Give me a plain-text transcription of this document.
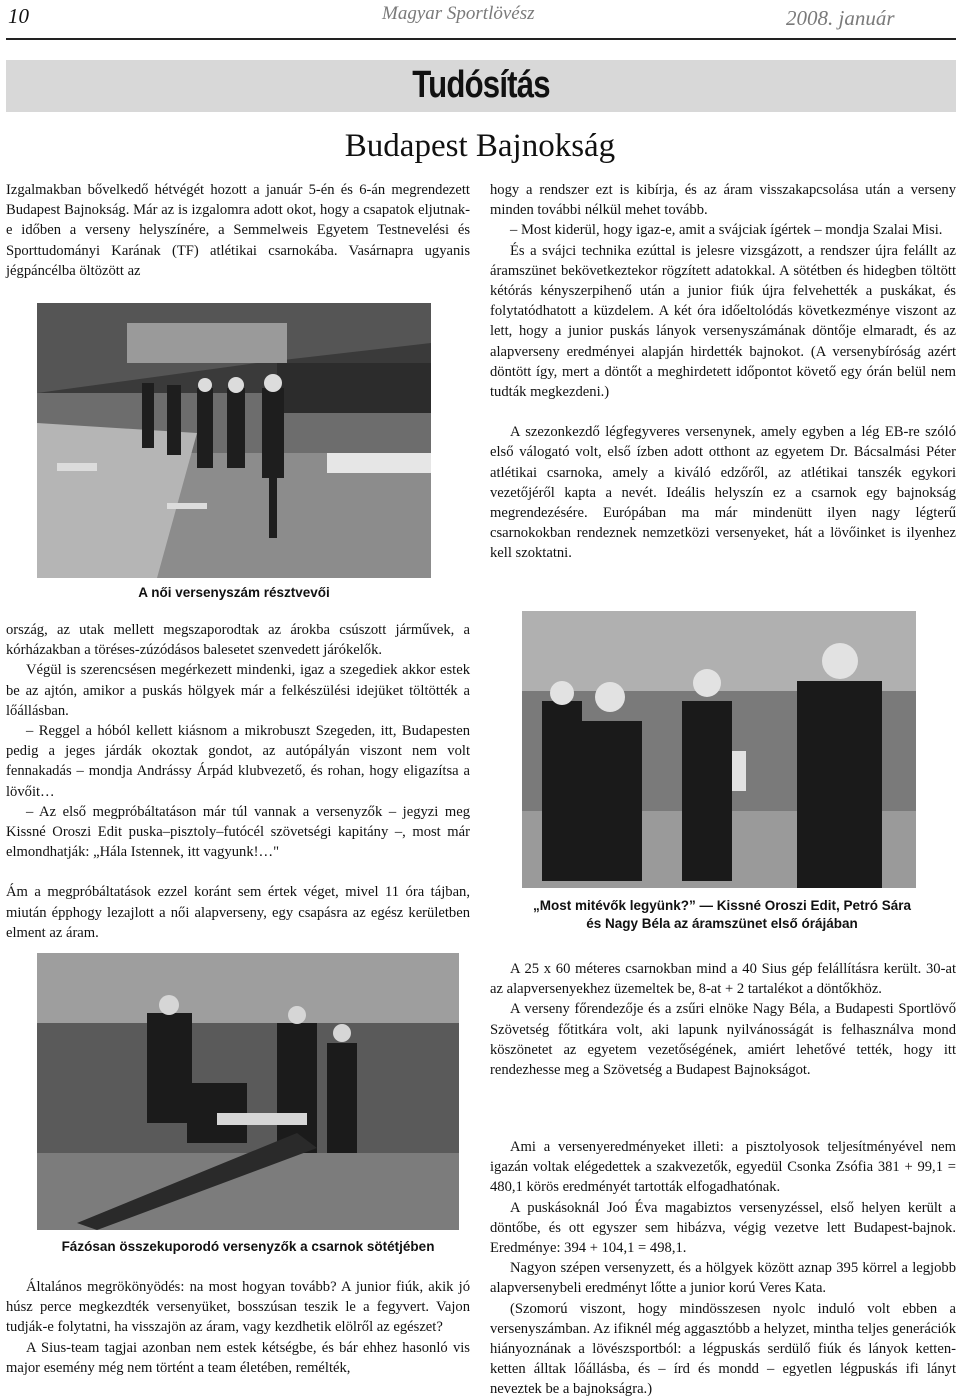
10	Magyar Sportlövész	2008. január
Tudósítás
Budapest Bajnokság

Izgalmakban bővelkedő hétvégét hozott a január 5-én és 6-án megrendezett Budapest Bajnokság. Már az is izgalomra adott okot, hogy a csapatok eljutnak-e időben a verseny helyszínére, a Semmelweis Egyetem Testnevelési és Sporttudományi Karának (TF) atlétikai csarnokába. Vasárnapra ugyanis jégpáncélba öltözött az

A női versenyszám résztvevői

ország, az utak mellett megszaporodtak az árokba csúszott járművek, a kórházakban a töréses-zúzódásos balesetet szenvedett járókelők.

Végül is szerencsésen megérkezett mindenki, igaz a szegediek akkor estek be az ajtón, amikor a puskás hölgyek már a felkészülési idejüket töltötték a lőállásban.

– Reggel a hóból kellett kiásnom a mikrobuszt Szegeden, itt, Budapesten pedig a jeges járdák okoztak gondot, az autópályán viszont nem volt fennakadás – mondja Andrássy Árpád klubvezető, és rohan, hogy eligazítsa a lövőit…

– Az első megpróbáltatáson már túl vannak a versenyzők – jegyzi meg Kissné Oroszi Edit puska–pisztoly–futócél szövetségi kapitány –, most már elmondhatják: „Hála Istennek, itt vagyunk!…"

Ám a megpróbáltatások ezzel koránt sem értek véget, mivel 11 óra tájban, miután épphogy lezajlott a női alapverseny, egy csapásra az egész kerületben elment az áram.

Fázósan összekuporodó versenyzők a csarnok sötétjében

Általános megrökönyödés: na most hogyan tovább? A junior fiúk, akik jó húsz perce megkezdték versenyüket, bosszúsan teszik le a fegyvert. Vajon tudják-e folytatni, ha visszajön az áram, vagy kezdhetik elölről az egészet?

A Sius-team tagjai azonban nem estek kétségbe, és bár ehhez hasonló vis major esemény még nem történt a team életében, remélték,

hogy a rendszer ezt is kibírja, és az áram visszakapcsolása után a verseny minden további nélkül mehet tovább.

– Most kiderül, hogy igaz-e, amit a svájciak ígértek – mondja Szalai Misi.

És a svájci technika ezúttal is jelesre vizsgázott, a rendszer újra felállt az áramszünet bekövetkeztekor rögzített adatokkal. A sötétben és hidegben töltött kétórás kényszerpihenő után a junior fiúk újra felvehették a puskákat, és folytatódhatott a küzdelem. A két óra időeltolódás következménye viszont az lett, hogy a junior puskás lányok versenyszámának döntője elmaradt, és az alapverseny eredményei alapján hirdették bajnokot. (A versenybíróság azért döntött így, mert a döntőt a meghirdetett időpontot követő egy órán belül nem tudták megkezdeni.)

A szezonkezdő légfegyveres versenynek, amely egyben a lég EB-re szóló első válogató volt, első ízben adott otthont az egyetem Dr. Bácsalmási Péter atlétikai csarnoka, amely a kiváló edzőről, az atlétikai tanszék egykori vezetőjéről kapta a nevét. Ideális helyszín ez a csarnok egy bajnokság megrendezésére. Európában ma már mindenütt ilyen nagy légterű csarnokokban rendeznek nemzetközi versenyeket, hát a lövőinket is ilyenhez kell szoktatni.

„Most mitévők legyünk?” — Kissné Oroszi Edit, Petró Sára
és Nagy Béla az áramszünet első órájában

A 25 x 60 méteres csarnokban mind a 40 Sius gép felállításra került. 30-at az alapversenyekhez üzemeltek be, 8-at + 2 tartalékot a döntőkhöz.

A verseny főrendezője és a zsűri elnöke Nagy Béla, a Budapesti Sportlövő Szövetség főtitkára volt, aki lapunk nyilvánosságát is felhasználva mond köszönetet az egyetem vezetőségének, amiért lehetővé tették, hogy itt rendezhesse meg a Szövetség a Budapest Bajnokságot.

Ami a versenyeredményeket illeti: a pisztolyosok teljesítményével nem igazán voltak elégedettek a szakvezetők, egyedül Csonka Zsófia 381 + 99,1 = 480,1 körös eredményét tartották elfogadhatónak.

A puskásoknál Joó Éva magabiztos versenyzéssel, első helyen került a döntőbe, és ott egyszer sem hibázva, végig vezetve lett Budapest-bajnok. Eredménye: 394 + 104,1 = 498,1.

Nagyon szépen versenyzett, és a hölgyek között aznap 395 körrel a legjobb alapversenybeli eredményt lőtte a junior korú Veres Kata.

(Szomorú viszont, hogy mindösszesen nyolc induló volt ebben a versenyszámban. Az ifiknél még aggasztóbb a helyzet, mintha teljes generációk hiányoznának a lövészsportból: a légpuskás serdülő fiúk és lányok ketten-ketten álltak lőállásba, és – írd és mondd – egyetlen légpuskás ifi lányt neveztek be a bajnokságra.)
